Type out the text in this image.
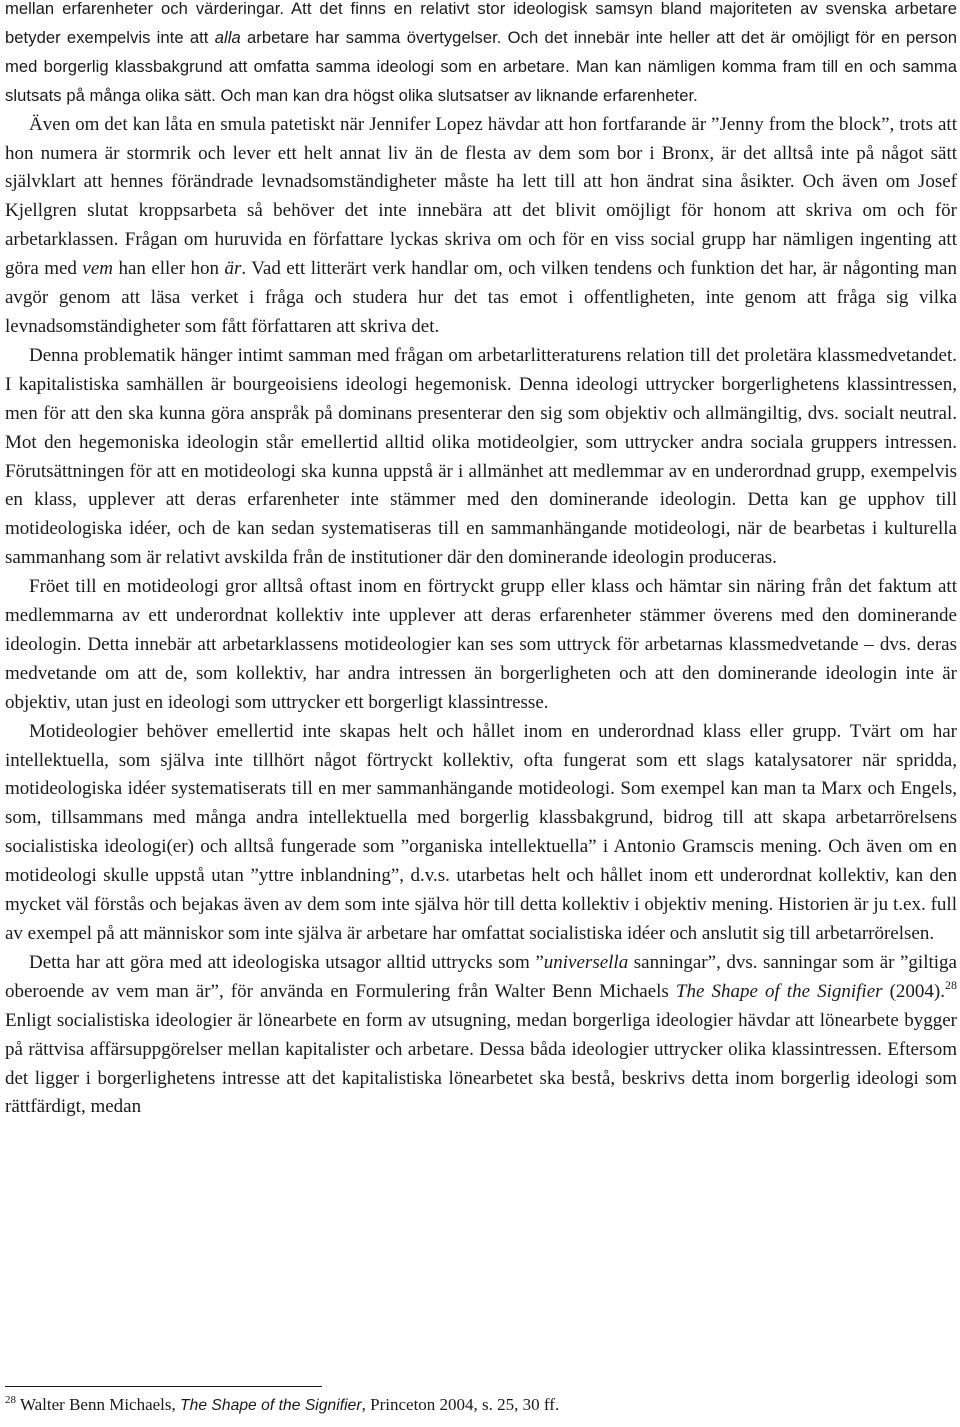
mellan erfarenheter och värderingar. Att det finns en relativt stor ideologisk samsyn bland majoriteten av svenska arbetare betyder exempelvis inte att alla arbetare har samma övertygelser. Och det innebär inte heller att det är omöjligt för en person med borgerlig klassbakgrund att omfatta samma ideologi som en arbetare. Man kan nämligen komma fram till en och samma slutsats på många olika sätt. Och man kan dra högst olika slutsatser av liknande erfarenheter.

Även om det kan låta en smula patetiskt när Jennifer Lopez hävdar att hon fortfarande är ”Jenny from the block”, trots att hon numera är stormrik och lever ett helt annat liv än de flesta av dem som bor i Bronx, är det alltså inte på något sätt självklart att hennes förändrade levnadsomständigheter måste ha lett till att hon ändrat sina åsikter. Och även om Josef Kjellgren slutat kroppsarbeta så behöver det inte innebära att det blivit omöjligt för honom att skriva om och för arbetarklassen. Frågan om huruvida en författare lyckas skriva om och för en viss social grupp har nämligen ingenting att göra med vem han eller hon är. Vad ett litterärt verk handlar om, och vilken tendens och funktion det har, är någonting man avgör genom att läsa verket i fråga och studera hur det tas emot i offentligheten, inte genom att fråga sig vilka levnadsomständigheter som fått författaren att skriva det.

Denna problematik hänger intimt samman med frågan om arbetarlitteraturens relation till det proletära klassmedvetandet. I kapitalistiska samhällen är bourgeoisiens ideologi hegemonisk. Denna ideologi uttrycker borgerlighetens klassintressen, men för att den ska kunna göra anspråk på dominans presenterar den sig som objektiv och allmängiltig, dvs. socialt neutral. Mot den hegemoniska ideologin står emellertid alltid olika motideolgier, som uttrycker andra sociala gruppers intressen. Förutsättningen för att en motideologi ska kunna uppstå är i allmänhet att medlemmar av en underordnad grupp, exempelvis en klass, upplever att deras erfarenheter inte stämmer med den dominerande ideologin. Detta kan ge upphov till motideologiska idéer, och de kan sedan systematiseras till en sammanhängande motideologi, när de bearbetas i kulturella sammanhang som är relativt avskilda från de institutioner där den dominerande ideologin produceras.

Fröet till en motideologi gror alltså oftast inom en förtryckt grupp eller klass och hämtar sin näring från det faktum att medlemmarna av ett underordnat kollektiv inte upplever att deras erfarenheter stämmer överens med den dominerande ideologin. Detta innebär att arbetarklassens motideologier kan ses som uttryck för arbetarnas klassmedvetande – dvs. deras medvetande om att de, som kollektiv, har andra intressen än borgerligheten och att den dominerande ideologin inte är objektiv, utan just en ideologi som uttrycker ett borgerligt klassintresse.

Motideologier behöver emellertid inte skapas helt och hållet inom en underordnad klass eller grupp. Tvärt om har intellektuella, som själva inte tillhört något förtryckt kollektiv, ofta fungerat som ett slags katalysatorer när spridda, motideologiska idéer systematiserats till en mer sammanhängande motideologi. Som exempel kan man ta Marx och Engels, som, tillsammans med många andra intellektuella med borgerlig klassbakgrund, bidrog till att skapa arbetarrörelsens socialistiska ideologi(er) och alltså fungerade som ”organiska intellektuella” i Antonio Gramscis mening. Och även om en motideologi skulle uppstå utan ”yttre inblandning”, d.v.s. utarbetas helt och hållet inom ett underordnat kollektiv, kan den mycket väl förstås och bejakas även av dem som inte själva hör till detta kollektiv i objektiv mening. Historien är ju t.ex. full av exempel på att människor som inte själva är arbetare har omfattat socialistiska idéer och anslutit sig till arbetarrörelsen.

Detta har att göra med att ideologiska utsagor alltid uttrycks som ”universella sanningar”, dvs. sanningar som är ”giltiga oberoende av vem man är”, för använda en Formulering från Walter Benn Michaels The Shape of the Signifier (2004).$^{28}$ Enligt socialistiska ideologier är lönearbete en form av utsugning, medan borgerliga ideologier hävdar att lönearbete bygger på rättvisa affärsuppgörelser mellan kapitalister och arbetare. Dessa båda ideologier uttrycker olika klassintressen. Eftersom det ligger i borgerlighetens intresse att det kapitalistiska lönearbetet ska bestå, beskrivs detta inom borgerlig ideologi som rättfärdigt, medan

$^{28}$ Walter Benn Michaels, The Shape of the Signifier, Princeton 2004, s. 25, 30 ff.
